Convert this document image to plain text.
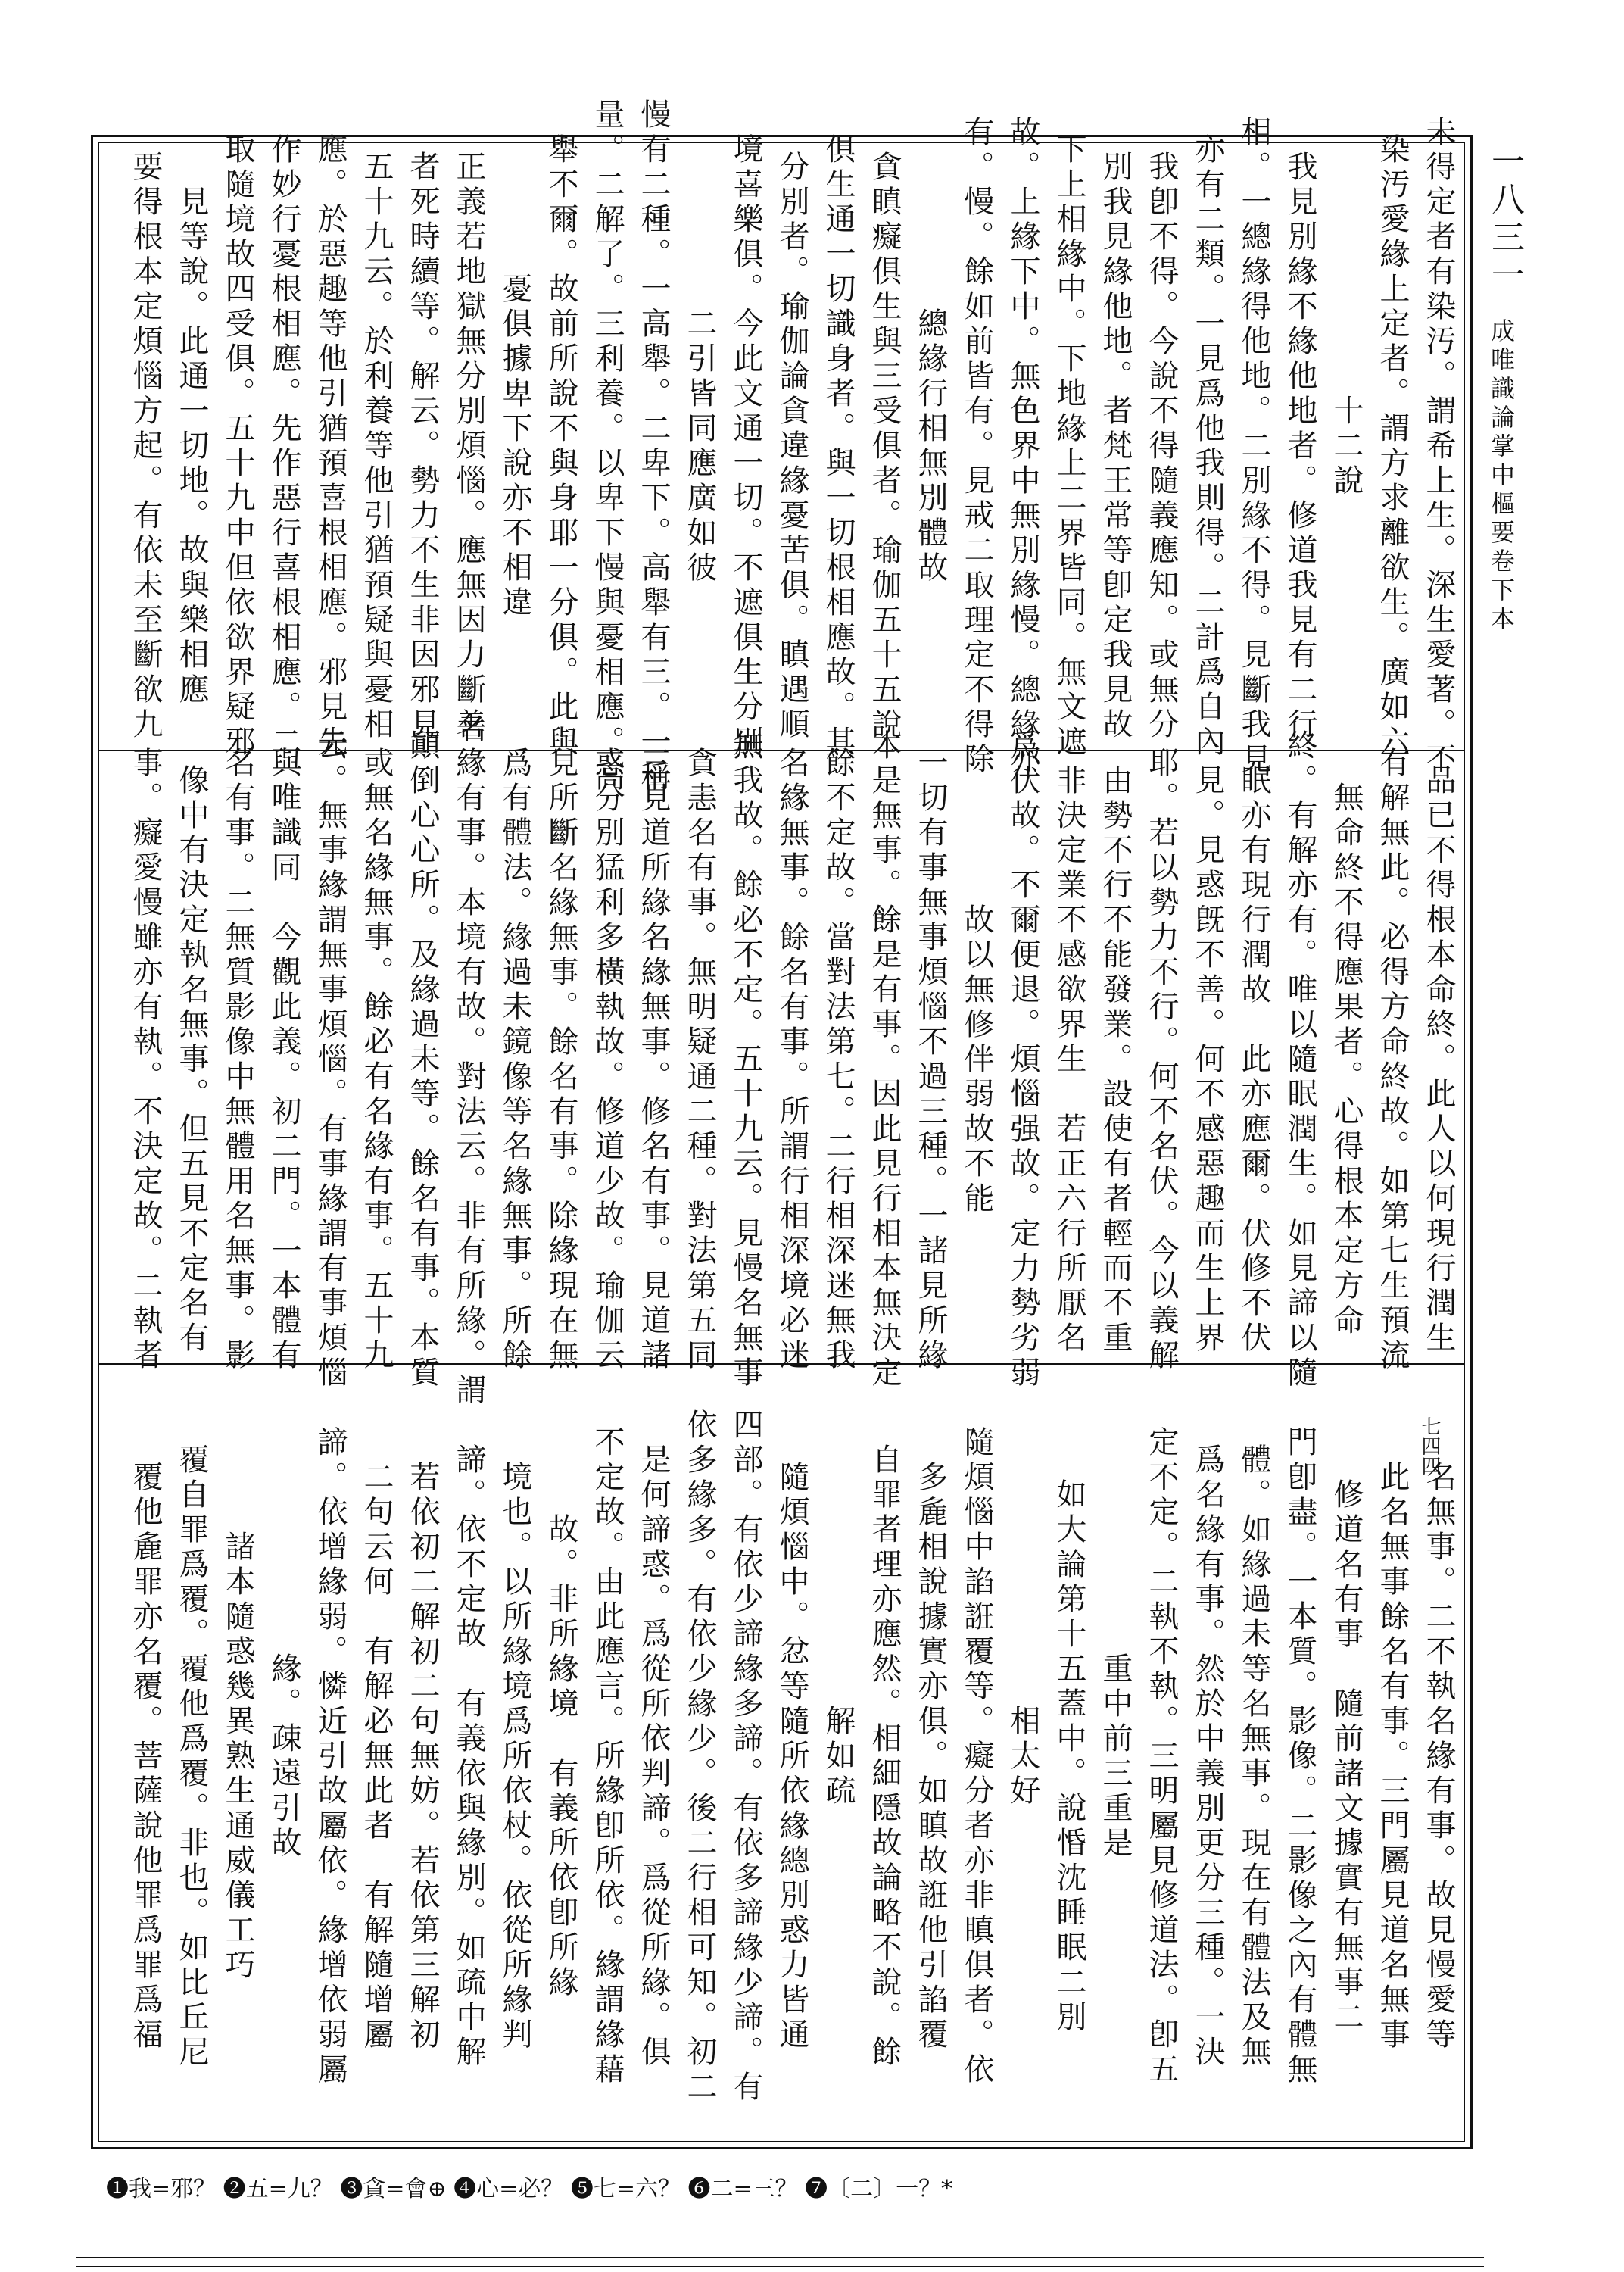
一八三一
成唯識論掌中樞要卷下本
七四四
未得定者有染汚。謂希上生。深生愛著。不
染汚愛緣上定者。謂方求離欲生。廣如六
十二說
我見別緣不緣他地者。修道我見有二行
相。一總緣得他地。二別緣不得。見斷我見
亦有二類。一見爲他我則得。二計爲自內
我卽不得。今說不得隨義應知。或無分
別我見緣他地。者梵王常等卽定我見故
下上相緣中。下地緣上二界皆同。無文遮
故。上緣下中。無色界中無別緣慢。總緣亦
有。慢。餘如前皆有。見戒二取理定不得除
總緣行相無別體故
貪瞋癡俱生與三受俱者。瑜伽五十五說
俱生通一切識身者。與一切根相應故。其
分別者。瑜伽論貪違緣憂苦俱。瞋遇順
境喜樂俱。今此文通一切。不遮俱生分別
二引皆同應廣如彼
慢有二種。一高舉。二卑下。高舉有三。一稱
量。二解了。三利養。以卑下慢與憂相應。高
舉不爾。故前所說不與身耶一分俱。此與
憂俱據卑下說亦不相違
正義若地獄無分別煩惱。應無因力斷善
者死時續等。解云。勢力不生非因邪見
五十九云。於利養等他引猶預疑與憂相
應。於惡趣等他引猶預喜根相應。邪見先
作妙行憂根相應。先作惡行喜根相應。二
取隨境故四受俱。五十九中但依欲界疑邪
見等說。此通一切地。故與樂相應
要得根本定煩惱方起。有依未至斷欲九
品已不得根本命終。此人以何現行潤生
有解無此。必得方命終故。如第七生預流
無命終不得應果者。心得根本定方命
終。有解亦有。唯以隨眠潤生。如見諦以隨
眠亦有現行潤故　此亦應爾。伏修不伏
見。見惑旣不善。何不感惡趣而生上界
耶。若以勢力不行。何不名伏。今以義解
由勢不行不能發業。設使有者輕而不重
非決定業不感欲界生　若正六行所厭名
爲伏故。不爾便退。煩惱强故。定力勢劣弱
故以無修伴弱故不能
一切有事無事煩惱不過三種。一諸見所緣
本是無事。餘是有事。因此見行相本無決定
餘不定故。當對法第七。二行相深迷無我
名緣無事。餘名有事。所謂行相深境必迷
無我故。餘必不定。五十九云。見慢名無事
貪恚名有事。無明疑通二種。對法第五同
三見道所緣名緣無事。修名有事。見道諸
惑分別猛利多橫執故。修道少故。瑜伽云
見所斷名緣無事。餘名有事。除緣現在無
爲有體法。緣過未鏡像等名緣無事。所餘
名緣有事。本境有故。對法云。非有所緣。謂
顚倒心心所。及緣過未等。餘名有事。本質
或無名緣無事。餘必有名緣有事。五十九
云。無事緣謂無事煩惱。有事緣謂有事煩惱
與唯識同　今觀此義。初二門。一本體有
名有事。二無質影像中無體用名無事。影
像中有決定執名無事。但五見不定名有
事。癡愛慢雖亦有執。不決定故。二執者
名無事。二不執名緣有事。故見慢愛等
此名無事餘名有事。三門屬見道名無事
修道名有事　隨前諸文據實有無事二
門卽盡。一本質。影像。二影像之內有體無
體。如緣過未等名無事。現在有體法及無
爲名緣有事。然於中義別更分三種。一決
定不定。二執不執。三明屬見修道法。卽五
重中前三重是
如大論第十五蓋中。說惛沈睡眠二別
相太好
隨煩惱中諂誑覆等。癡分者亦非瞋俱者。依
多麁相說據實亦俱。如瞋故誑他引諂覆
自罪者理亦應然。相細隱故論略不說。餘
解如疏
隨煩惱中。忿等隨所依緣總別惑力皆通
四部。有依少諦緣多諦。有依多諦緣少諦。有
依多緣多。有依少緣少。後二行相可知。初二
是何諦惑。爲從所依判諦。爲從所緣。俱
不定故。由此應言。所緣卽所依。緣謂緣藉
故。非所緣境　有義所依卽所緣
境也。以所緣境爲所依杖。依從所緣判
諦。依不定故　有義依與緣別。如疏中解
若依初二解初二句無妨。若依第三解初
二句云何　有解必無此者　有解隨增屬
諦。依增緣弱。憐近引故屬依。緣增依弱屬
緣。疎遠引故
諸本隨惑幾異熟生通威儀工巧
覆自罪爲覆。覆他爲覆。非也。如比丘尼
覆他麁罪亦名覆。菩薩說他罪爲罪爲福
❶我=邪？ ❷五=九？ ❸貪=會⊕ ❹心=必？ ❺七=六？ ❻二=三？ ❼〔二〕一？*
